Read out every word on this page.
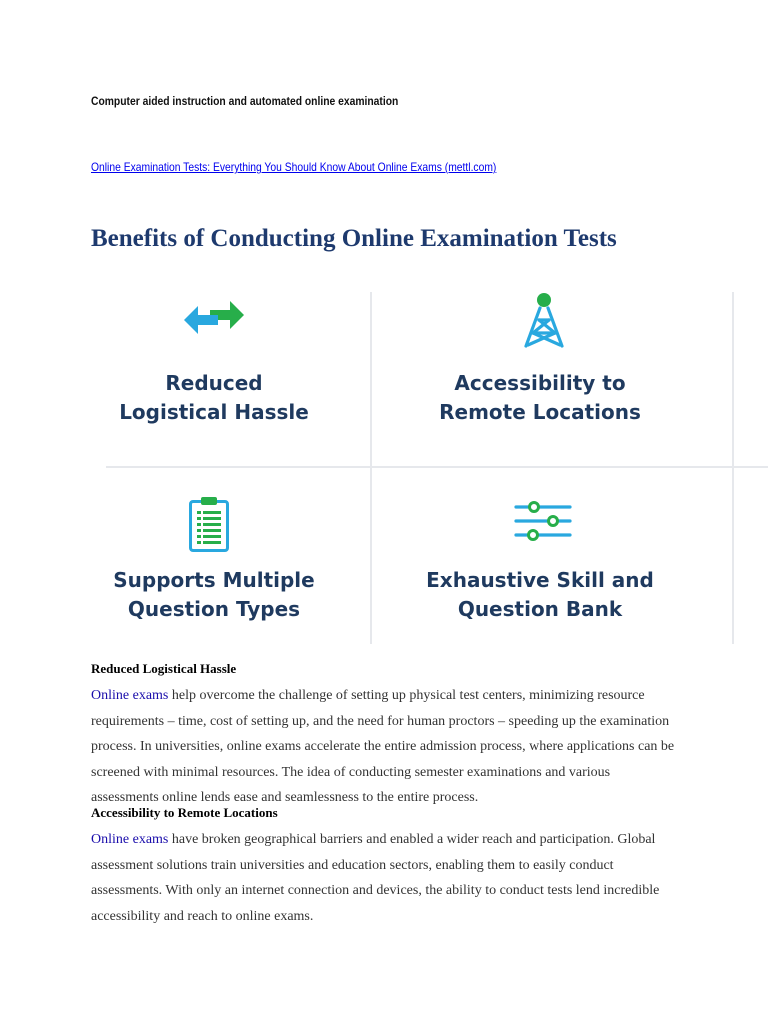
Computer aided instruction and automated online examination
Online Examination Tests: Everything You Should Know About Online Exams (mettl.com)
Benefits of Conducting Online Examination Tests
Reduced
Logistical Hassle
Accessibility to
Remote Locations
Supports Multiple
Question Types
Exhaustive Skill and
Question Bank
Reduced Logistical Hassle

Online exams help overcome the challenge of setting up physical test centers, minimizing resource requirements – time, cost of setting up, and the need for human proctors – speeding up the examination process. In universities, online exams accelerate the entire admission process, where applications can be screened with minimal resources. The idea of conducting semester examinations and various assessments online lends ease and seamlessness to the entire process.

Accessibility to Remote Locations

Online exams have broken geographical barriers and enabled a wider reach and participation. Global assessment solutions train universities and education sectors, enabling them to easily conduct assessments. With only an internet connection and devices, the ability to conduct tests lend incredible accessibility and reach to online exams.
